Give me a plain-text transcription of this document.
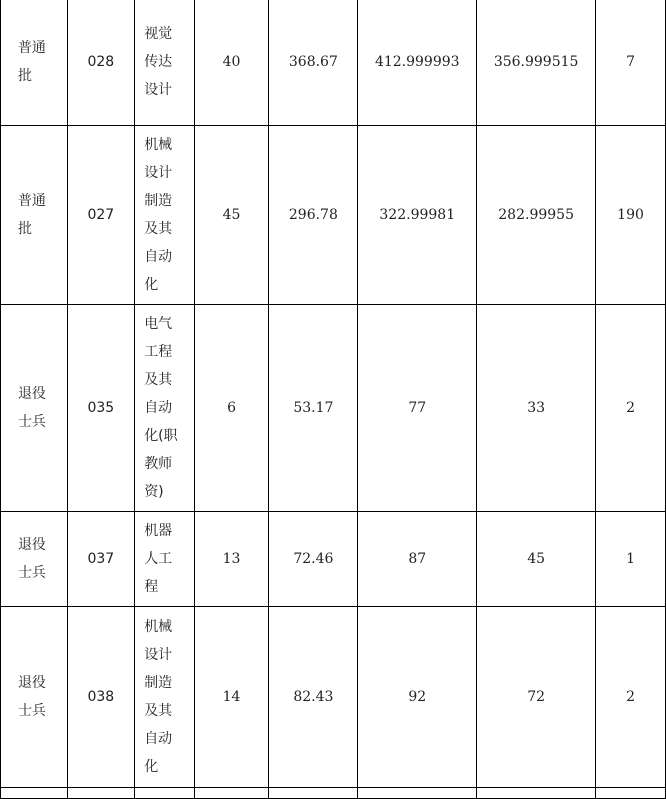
普通批	028	视觉传达设计	40	368.67	412.999993	356.999515	7
普通批	027	机械设计制造及其自动化	45	296.78	322.99981	282.99955	190
退役士兵	035	电气工程及其自动化(职教师资)	6	53.17	77	33	2
退役士兵	037	机器人工程	13	72.46	87	45	1
退役士兵	038	机械设计制造及其自动化	14	82.43	92	72	2
